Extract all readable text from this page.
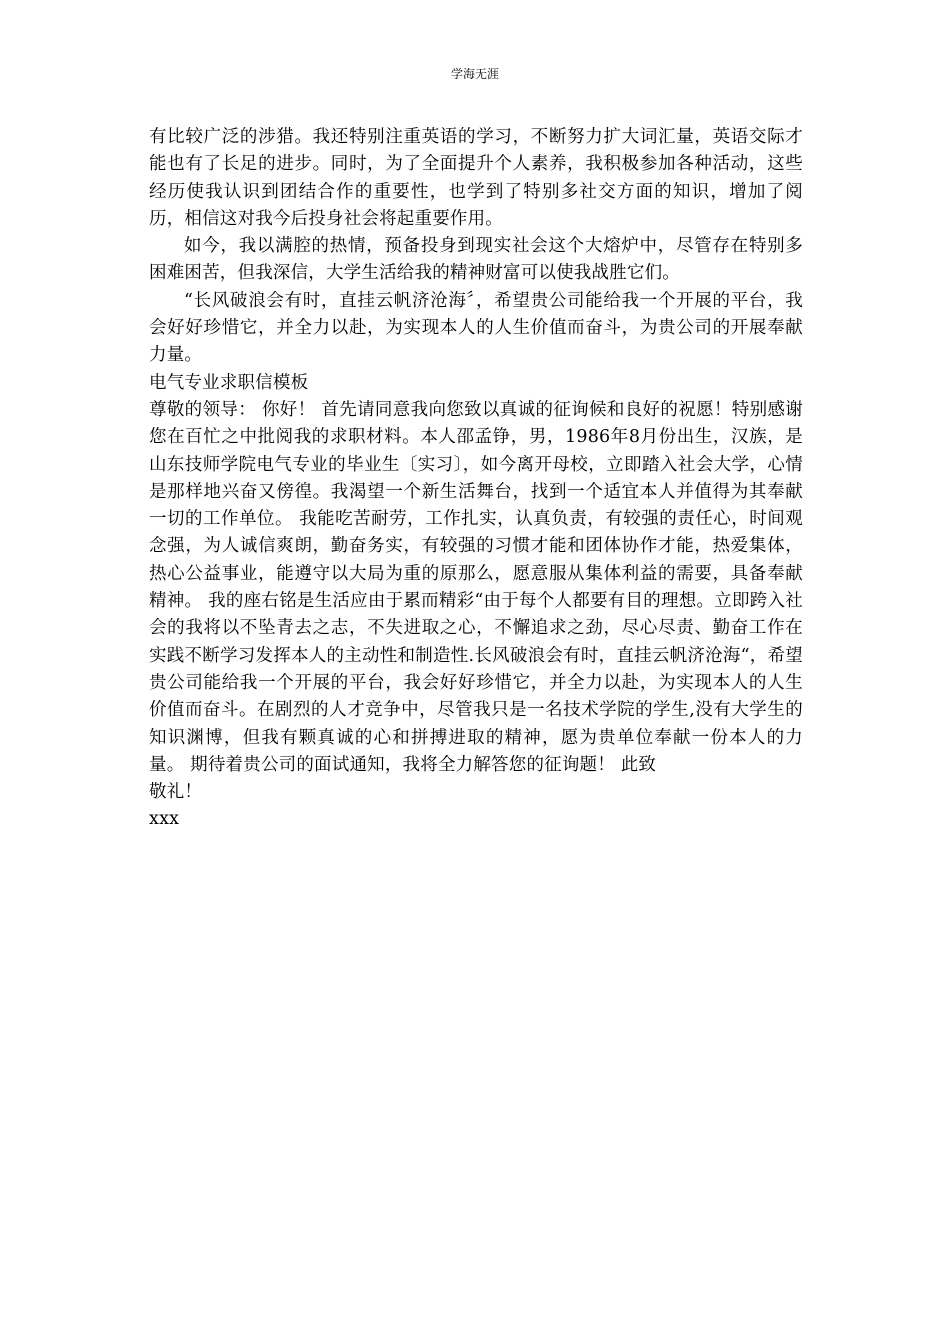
学海无涯

有比较广泛的涉猎。我还特别注重英语的学习，不断努力扩大词汇量，英语交际才能也有了长足的进步。同时，为了全面提升个人素养，我积极参加各种活动，这些经历使我认识到团结合作的重要性，也学到了特别多社交方面的知识，增加了阅历，相信这对我今后投身社会将起重要作用。

如今，我以满腔的热情，预备投身到现实社会这个大熔炉中，尽管存在特别多困难困苦，但我深信，大学生活给我的精神财富可以使我战胜它们。

“长风破浪会有时，直挂云帆济沧海〞，希望贵公司能给我一个开展的平台，我会好好珍惜它，并全力以赴，为实现本人的人生价值而奋斗，为贵公司的开展奉献力量。

电气专业求职信模板

尊敬的领导： 你好！ 首先请同意我向您致以真诚的征询候和良好的祝愿！特别感谢您在百忙之中批阅我的求职材料。本人邵孟铮，男，1986年8月份出生，汉族，是山东技师学院电气专业的毕业生〔实习〕，如今离开母校，立即踏入社会大学，心情是那样地兴奋又傍徨。我渴望一个新生活舞台，找到一个适宜本人并值得为其奉献一切的工作单位。 我能吃苦耐劳，工作扎实，认真负责，有较强的责任心，时间观念强，为人诚信爽朗，勤奋务实，有较强的习惯才能和团体协作才能，热爱集体，热心公益事业，能遵守以大局为重的原那么，愿意服从集体利益的需要，具备奉献精神。 我的座右铭是生活应由于累而精彩“由于每个人都要有目的理想。立即跨入社会的我将以不坠青去之志，不失进取之心，不懈追求之劲，尽心尽责、勤奋工作在实践不断学习发挥本人的主动性和制造性.长风破浪会有时，直挂云帆济沧海“，希望贵公司能给我一个开展的平台，我会好好珍惜它，并全力以赴，为实现本人的人生价值而奋斗。在剧烈的人才竞争中，尽管我只是一名技术学院的学生,没有大学生的知识渊博，但我有颗真诚的心和拼搏进取的精神，愿为贵单位奉献一份本人的力量。 期待着贵公司的面试通知，我将全力解答您的征询题！ 此致

敬礼！

xxx
